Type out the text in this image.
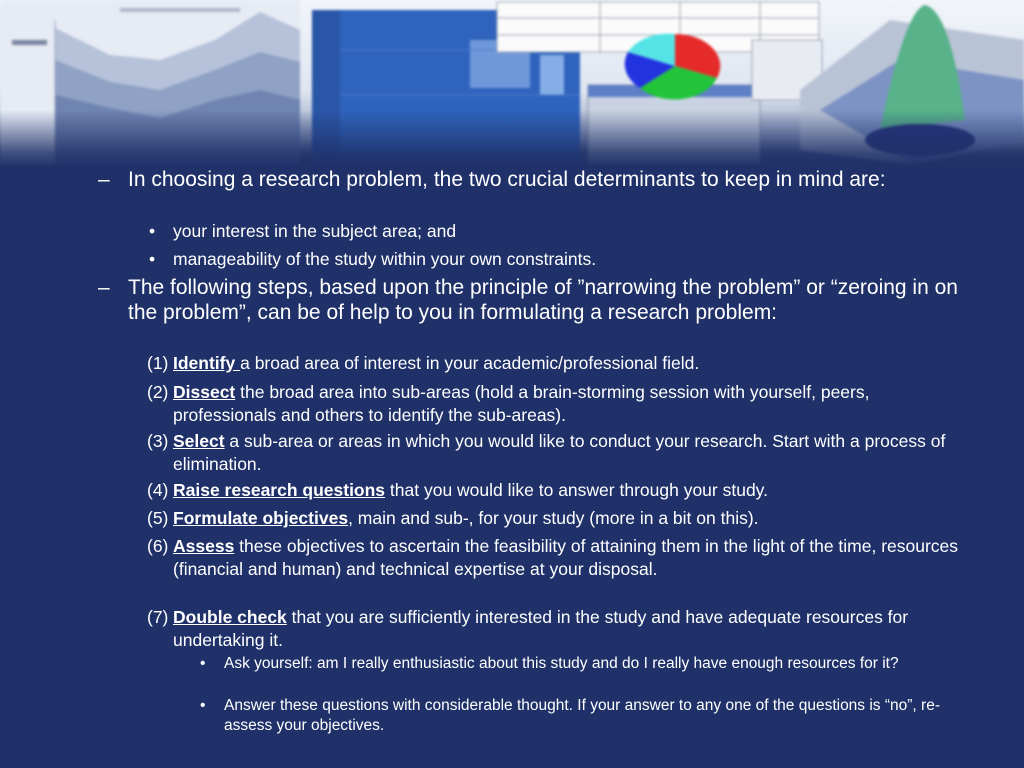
– In choosing a research problem, the two crucial determinants to keep in mind are:
• your interest in the subject area; and
• manageability of the study within your own constraints.
– The following steps, based upon the principle of ”narrowing the problem” or “zeroing in on the problem”, can be of help to you in formulating a research problem:
(1) Identify a broad area of interest in your academic/professional field.
(2) Dissect the broad area into sub-areas (hold a brain-storming session with yourself, peers, professionals and others to identify the sub-areas).
(3) Select a sub-area or areas in which you would like to conduct your research. Start with a process of elimination.
(4) Raise research questions that you would like to answer through your study.
(5) Formulate objectives, main and sub-, for your study (more in a bit on this).
(6) Assess these objectives to ascertain the feasibility of attaining them in the light of the time, resources (financial and human) and technical expertise at your disposal.
(7) Double check that you are sufficiently interested in the study and have adequate resources for undertaking it.
• Ask yourself: am I really enthusiastic about this study and do I really have enough resources for it?
• Answer these questions with considerable thought. If your answer to any one of the questions is “no”, re-assess your objectives.
